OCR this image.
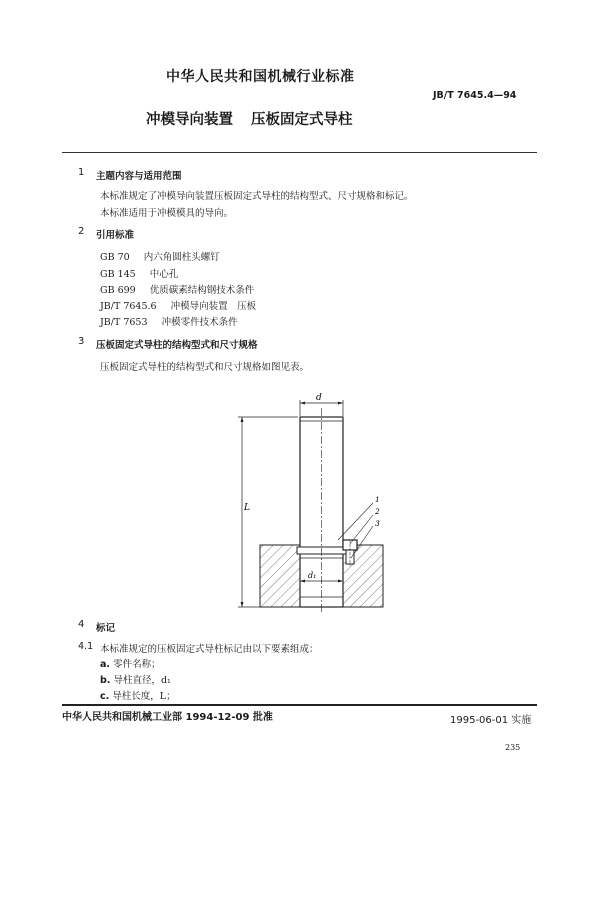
中华人民共和国机械行业标准
JB/T 7645.4—94
冲模导向装置 压板固定式导柱
1 主题内容与适用范围
本标准规定了冲模导向装置压板固定式导柱的结构型式、尺寸规格和标记。
本标准适用于冲模模具的导向。
2 引用标准
GB 70 内六角圆柱头螺钉
GB 145 中心孔
GB 699 优质碳素结构钢技术条件
JB/T 7645.6 冲模导向装置　压板
JB/T 7653 冲模零件技术条件
3 压板固定式导柱的结构型式和尺寸规格
压板固定式导柱的结构型式和尺寸规格如图见表。
d
L
d₁
1
2
3
4 标记
4.1 本标准规定的压板固定式导柱标记由以下要素组成：
a. 零件名称；
b. 导柱直径，d₁
c. 导柱长度，L；
中华人民共和国机械工业部 1994-12-09 批准	1995-06-01 实施
235
